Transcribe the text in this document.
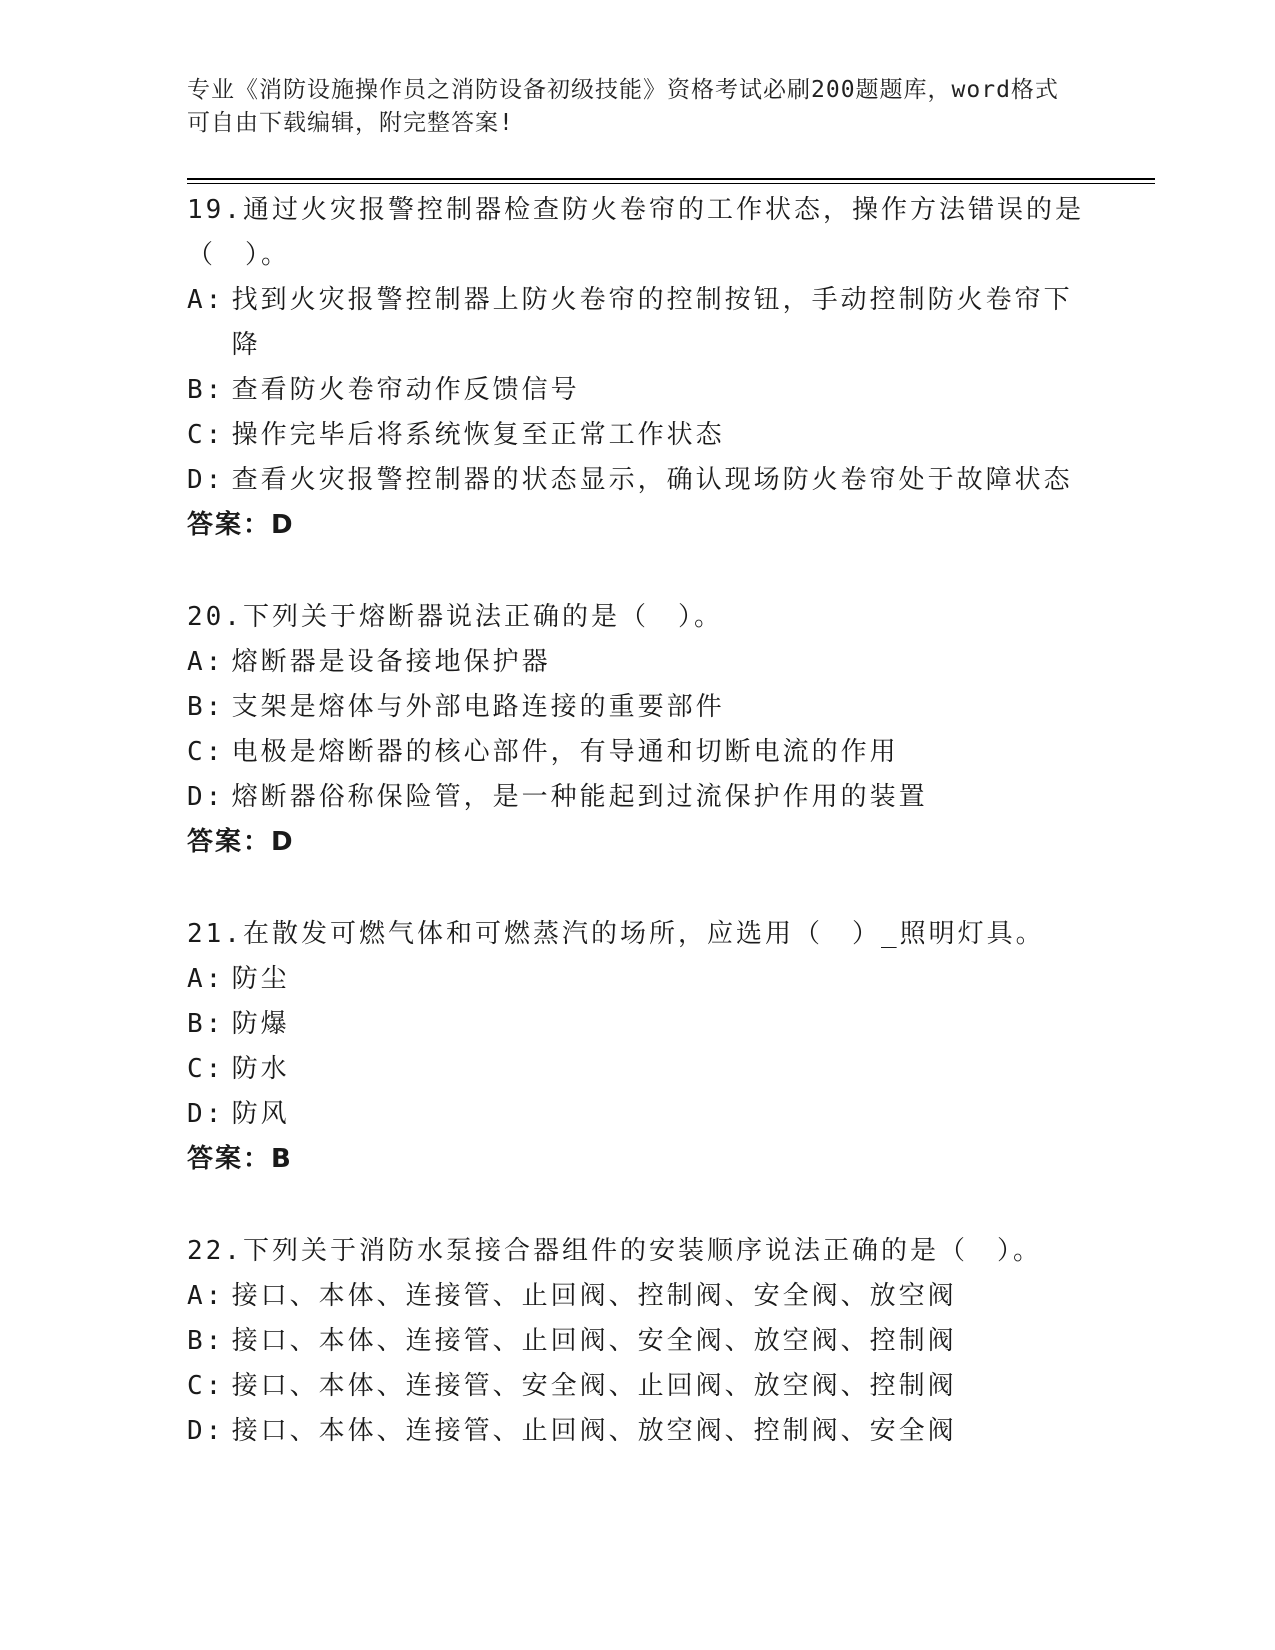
专业《消防设施操作员之消防设备初级技能》资格考试必刷200题题库，word格式可自由下载编辑，附完整答案!
19.通过火灾报警控制器检查防火卷帘的工作状态，操作方法错误的是（　）。
A : 找到火灾报警控制器上防火卷帘的控制按钮，手动控制防火卷帘下降
B : 查看防火卷帘动作反馈信号
C : 操作完毕后将系统恢复至正常工作状态
D : 查看火灾报警控制器的状态显示，确认现场防火卷帘处于故障状态
答案：D
20.下列关于熔断器说法正确的是（　）。
A : 熔断器是设备接地保护器
B : 支架是熔体与外部电路连接的重要部件
C : 电极是熔断器的核心部件，有导通和切断电流的作用
D : 熔断器俗称保险管，是一种能起到过流保护作用的装置
答案：D
21.在散发可燃气体和可燃蒸汽的场所，应选用（　）_照明灯具。
A : 防尘
B : 防爆
C : 防水
D : 防风
答案：B
22.下列关于消防水泵接合器组件的安装顺序说法正确的是（　）。
A : 接口、本体、连接管、止回阀、控制阀、安全阀、放空阀
B : 接口、本体、连接管、止回阀、安全阀、放空阀、控制阀
C : 接口、本体、连接管、安全阀、止回阀、放空阀、控制阀
D : 接口、本体、连接管、止回阀、放空阀、控制阀、安全阀
